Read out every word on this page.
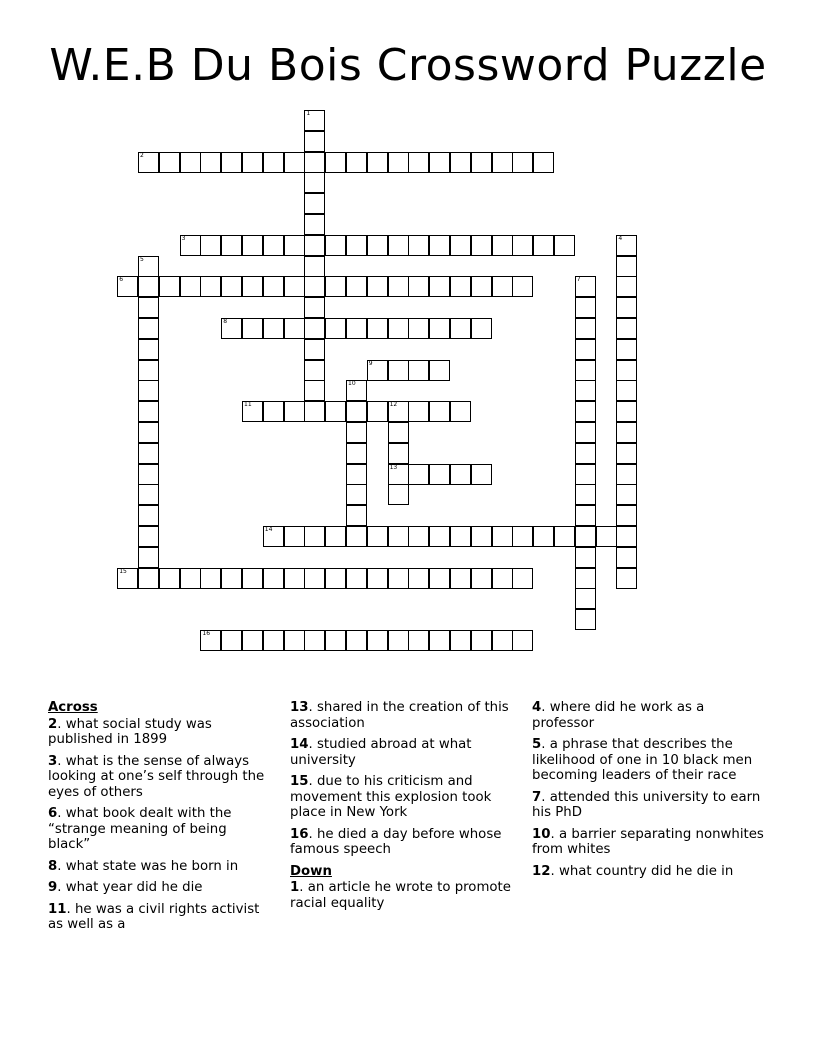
W.E.B Du Bois Crossword Puzzle
1
2
3	4
5
6	7
8
9
10
11	12
13
14
15
16
Across
2. what social study was published in 1899
3. what is the sense of always looking at one’s self through the eyes of others
6. what book dealt with the “strange meaning of being black”
8. what state was he born in
9. what year did he die
11. he was a civil rights activist as well as a
13. shared in the creation of this association
14. studied abroad at what university
15. due to his criticism and movement this explosion took place in New York
16. he died a day before whose famous speech
Down
1. an article he wrote to promote racial equality
4. where did he work as a professor
5. a phrase that describes the likelihood of one in 10 black men becoming leaders of their race
7. attended this university to earn his PhD
10. a barrier separating nonwhites from whites
12. what country did he die in
